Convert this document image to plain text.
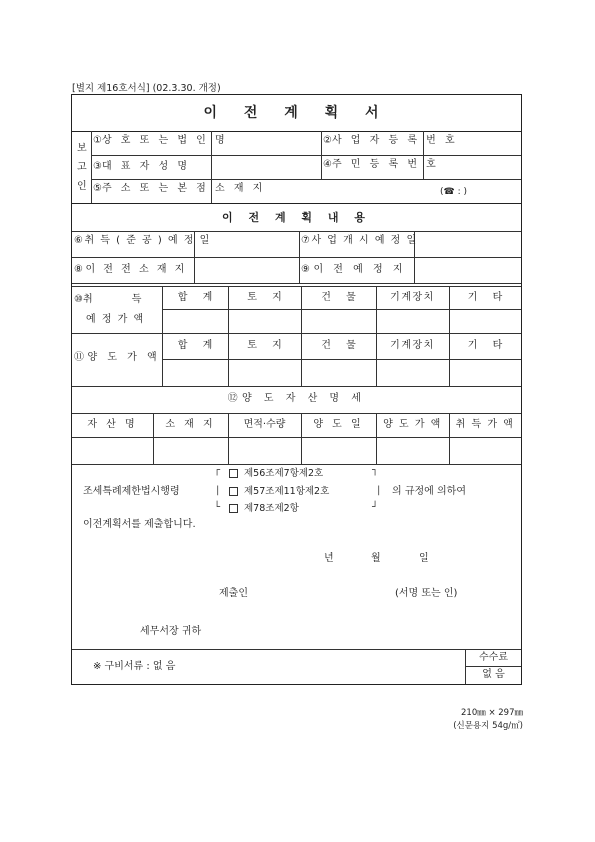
[별지 제16호서식] (02.3.30. 개정)
이 전 계 획 서
보
고
인
①상 호 또 는 법 인 명	②사 업 자 등 록 번 호
③대 표 자 성 명	④주 민 등 록 번 호
⑤주 소 또 는 본 점 소 재 지	(☎ : )
이 전 계 획 내 용
⑥취 득 ( 준 공 ) 예 정 일	⑦사 업 개 시 예 정 일
⑧이 전 전 소 재 지	⑨이 전 예 정 지
⑩취 득
예 정 가 액
합 계	토 지	건 물	기계장치	기 타
⑪양 도 가 액
합 계	토 지	건 물	기계장치	기 타
⑫양 도 자 산 명 세
자 산 명	소 재 지	면적·수량	양 도 일	양 도 가 액	취 득 가 액
조세특례제한법시행령
┌
|
└
┐
|
┘
제56조제7항제2호
제57조제11항제2호
제78조제2항
의 규정에 의하여
이전계획서를 제출합니다.
년	월	일
제출인	(서명 또는 인)
세무서장 귀하
※ 구비서류 : 없 음
수수료
없 음
210㎜ × 297㎜
(신문용지 54g/㎡)
